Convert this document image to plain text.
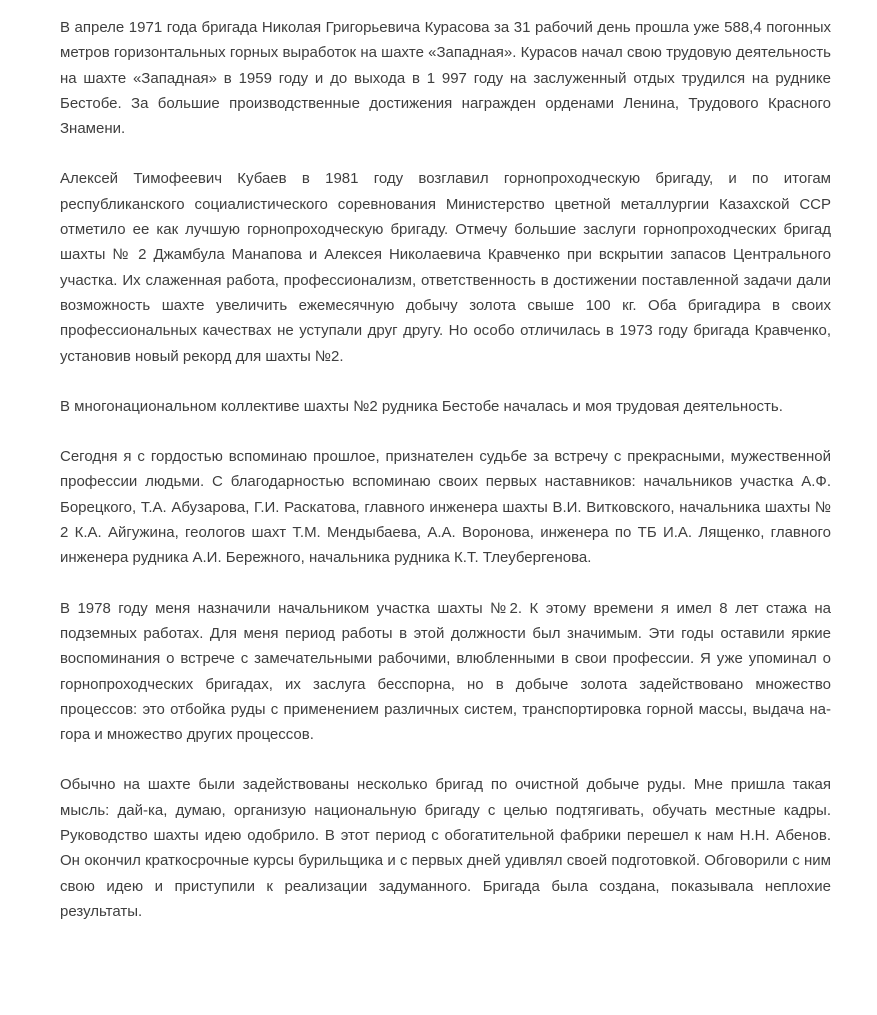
В апреле 1971 года бригада Николая Григорьевича Курасова за 31 рабочий день прошла уже 588,4 погонных метров горизонтальных горных выработок на шахте «Западная». Курасов начал свою трудовую деятельность на шахте «Западная» в 1959 году и до выхода в 1 997 году на заслуженный отдых трудился на руднике Бестобе. За большие производственные достижения награжден орденами Ленина, Трудового Красного Знамени.

Алексей Тимофеевич Кубаев в 1981 году возглавил горнопроходческую бригаду, и по итогам республиканского социалистического соревнования Министерство цветной металлургии Казахской ССР отметило ее как лучшую горнопроходческую бригаду. Отмечу большие заслуги горнопроходческих бригад шахты № 2 Джамбула Манапова и Алексея Николаевича Кравченко при вскрытии запасов Центрального участка. Их слаженная работа, профессионализм, ответственность в достижении поставленной задачи дали возможность шахте увеличить ежемесячную добычу золота свыше 100 кг. Оба бригадира в своих профессиональных качествах не уступали друг другу. Но особо отличилась в 1973 году бригада Кравченко, установив новый рекорд для шахты №2.

В многонациональном коллективе шахты №2 рудника Бестобе началась и моя трудовая деятельность.

Сегодня я с гордостью вспоминаю прошлое, признателен судьбе за встречу с прекрасными, мужественной профессии людьми. С благодарностью вспоминаю своих первых наставников: начальников участка А.Ф. Борецкого, Т.А. Абузарова, Г.И. Раскатова, главного инженера шахты В.И. Витковского, начальника шахты № 2 К.А. Айгужина, геологов шахт Т.М. Мендыбаева, А.А. Воронова, инженера по ТБ И.А. Лященко, главного инженера рудника А.И. Бережного, начальника рудника К.Т. Тлеубергенова.

В 1978 году меня назначили начальником участка шахты №2. К этому времени я имел 8 лет стажа на подземных работах. Для меня период работы в этой должности был значимым. Эти годы оставили яркие воспоминания о встрече с замечательными рабочими, влюбленными в свои профессии. Я уже упоминал о горнопроходческих бригадах, их заслуга бесспорна, но в добыче золота задействовано множество процессов: это отбойка руды с применением различных систем, транспортировка горной массы, выдача на-гора и множество других процессов.

Обычно на шахте были задействованы несколько бригад по очистной добыче руды. Мне пришла такая мысль: дай-ка, думаю, организую национальную бригаду с целью подтягивать, обучать местные кадры. Руководство шахты идею одобрило. В этот период с обогатительной фабрики перешел к нам Н.Н. Абенов. Он окончил краткосрочные курсы бурильщика и с первых дней удивлял своей подготовкой. Обговорили с ним свою идею и приступили к реализации задуманного. Бригада была создана, показывала неплохие результаты.
